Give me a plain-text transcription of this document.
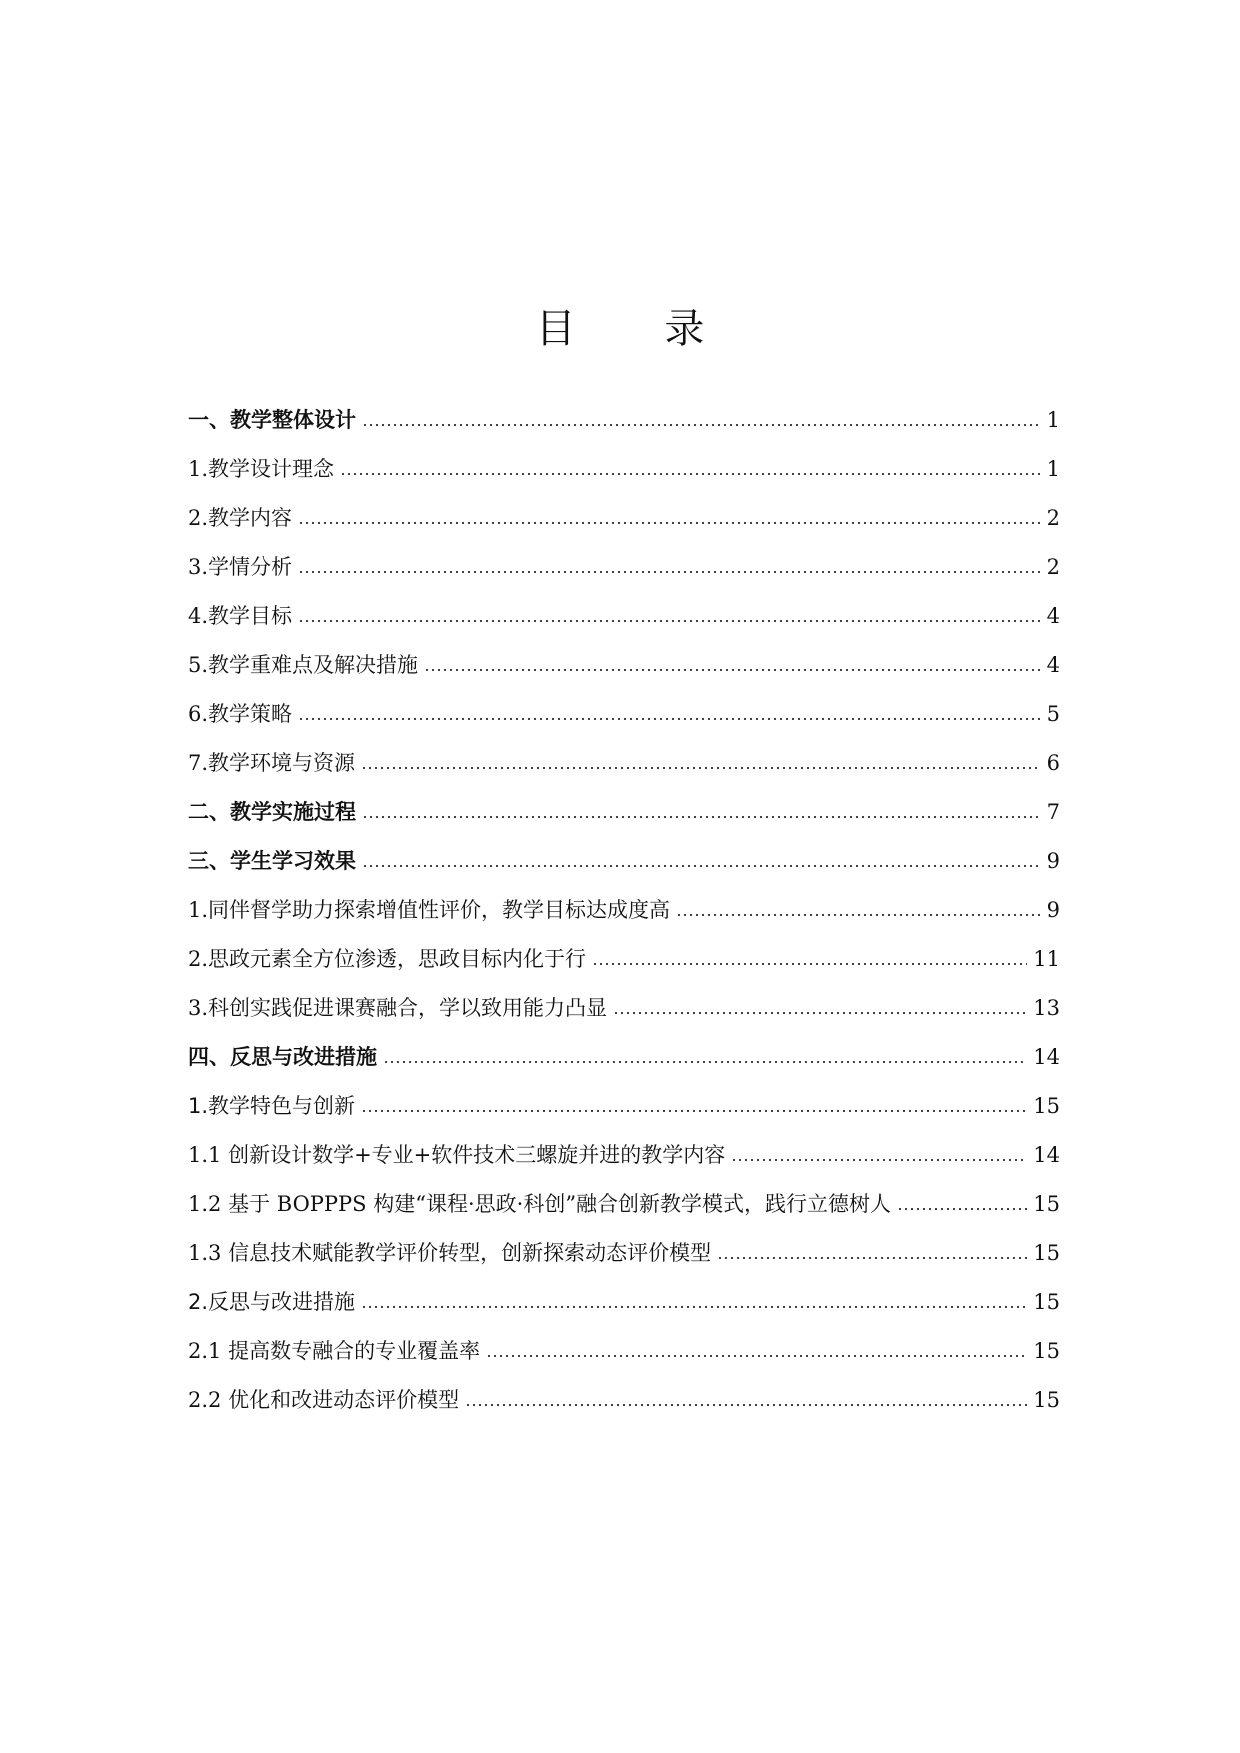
目 录
一、教学整体设计	1
1.教学设计理念	1
2.教学内容	2
3.学情分析	2
4.教学目标	4
5.教学重难点及解决措施	4
6.教学策略	5
7.教学环境与资源	6
二、教学实施过程	7
三、学生学习效果	9
1.同伴督学助力探索增值性评价，教学目标达成度高	9
2.思政元素全方位渗透，思政目标内化于行	11
3.科创实践促进课赛融合，学以致用能力凸显	13
四、反思与改进措施	14
1.教学特色与创新	15
1.1 创新设计数学+专业+软件技术三螺旋并进的教学内容	14
1.2 基于 BOPPPS 构建“课程·思政·科创”融合创新教学模式，践行立德树人	15
1.3 信息技术赋能教学评价转型，创新探索动态评价模型	15
2.反思与改进措施	15
2.1 提高数专融合的专业覆盖率	15
2.2 优化和改进动态评价模型	15
